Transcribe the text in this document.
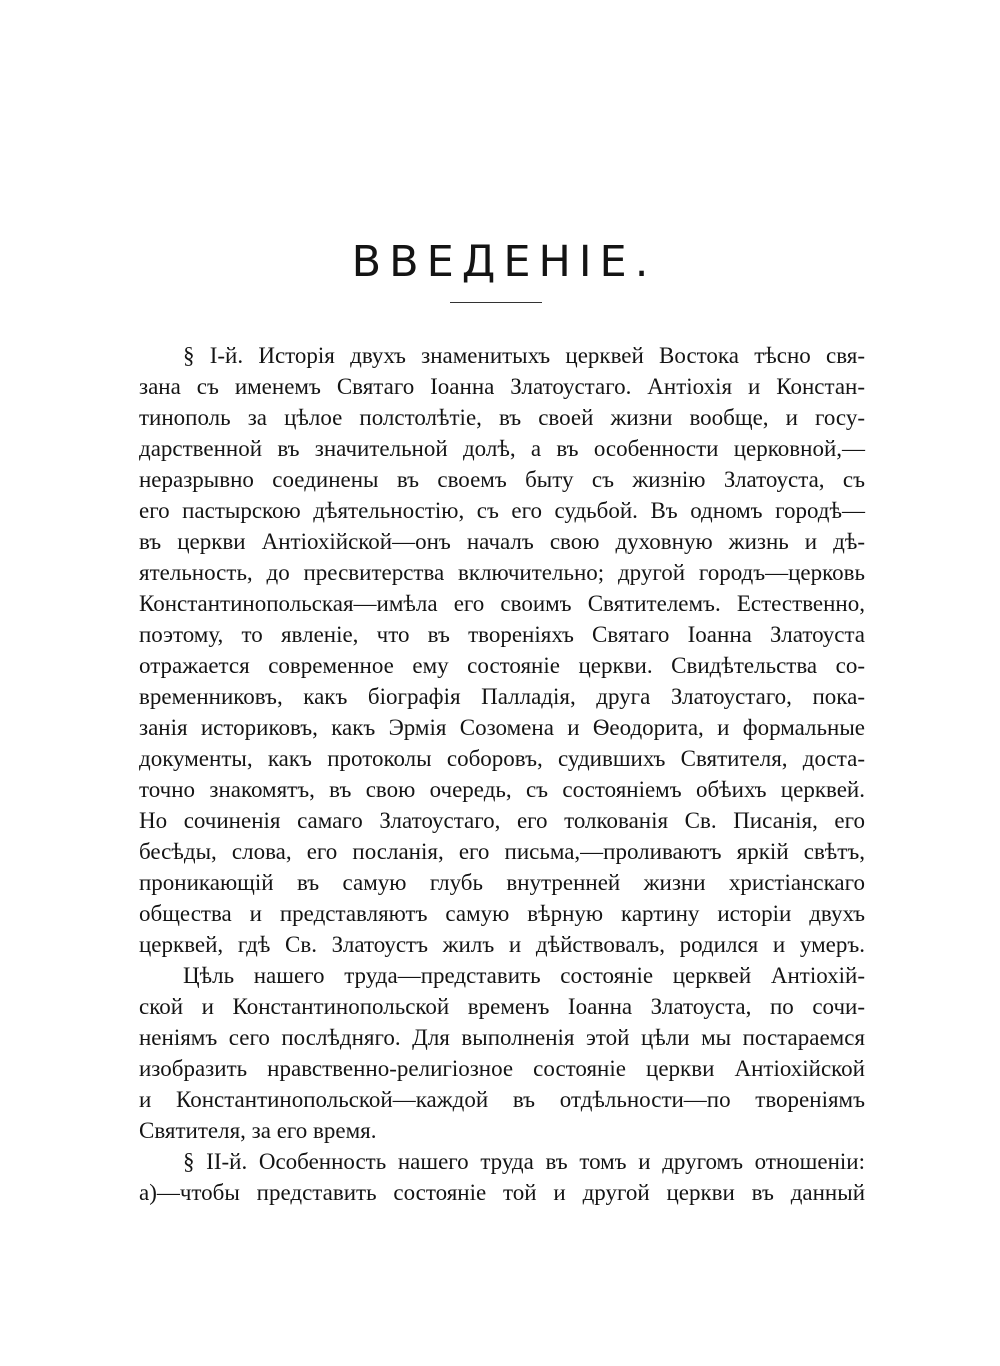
ВВЕДЕНІЕ.
§ I-й. Исторія двухъ знаменитыхъ церквей Востока тѣсно свя-
зана съ именемъ Святаго Іоанна Златоустаго. Антіохія и Констан-
тинополь за цѣлое полстолѣтіе, въ своей жизни вообще, и госу-
дарственной въ значительной долѣ, а въ особенности церковной,—
неразрывно соединены въ своемъ быту съ жизнію Златоуста, съ
его пастырскою дѣятельностію, съ его судьбой. Въ одномъ городѣ—
въ церкви Антіохійской—онъ началъ свою духовную жизнь и дѣ-
ятельность, до пресвитерства включительно; другой городъ—церковь
Константинопольская—имѣла его своимъ Святителемъ. Естественно,
поэтому, то явленіе, что въ твореніяхъ Святаго Іоанна Златоуста
отражается современное ему состояніе церкви. Свидѣтельства со-
временниковъ, какъ біографія Палладія, друга Златоустаго, пока-
занія историковъ, какъ Эрмія Созомена и Ѳеодорита, и формальные
документы, какъ протоколы соборовъ, судившихъ Святителя, доста-
точно знакомятъ, въ свою очередь, съ состояніемъ обѣихъ церквей.
Но сочиненія самаго Златоустаго, его толкованія Св. Писанія, его
бесѣды, слова, его посланія, его письма,—проливаютъ яркій свѣтъ,
проникающій въ самую глубь внутренней жизни христіанскаго
общества и представляютъ самую вѣрную картину исторіи двухъ
церквей, гдѣ Св. Златоустъ жилъ и дѣйствовалъ, родился и умеръ.
Цѣль нашего труда—представить состояніе церквей Антіохій-
ской и Константинопольской временъ Іоанна Златоуста, по сочи-
неніямъ сего послѣдняго. Для выполненія этой цѣли мы постараемся
изобразить нравственно-религіозное состояніе церкви Антіохійской
и Константинопольской—каждой въ отдѣльности—по твореніямъ
Святителя, за его время.
§ II-й. Особенность нашего труда въ томъ и другомъ отношеніи:
а)—чтобы представить состояніе той и другой церкви въ данный
